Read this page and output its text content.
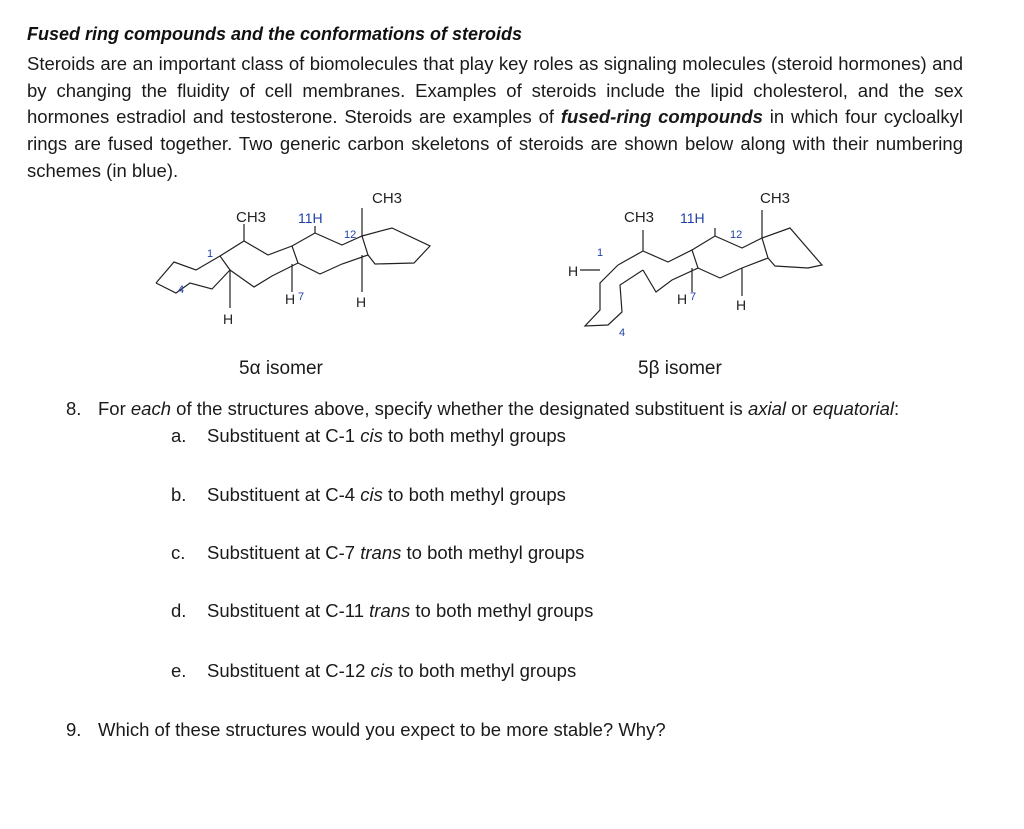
Fused ring compounds and the conformations of steroids
Steroids are an important class of biomolecules that play key roles as signaling molecules (steroid hormones) and by changing the fluidity of cell membranes. Examples of steroids include the lipid cholesterol, and the sex hormones estradiol and testosterone. Steroids are examples of fused-ring compounds in which four cycloalkyl rings are fused together. Two generic carbon skeletons of steroids are shown below along with their numbering schemes (in blue).
CH3 11H
CH3
12
1
4
H 7	H
H
CH3 11H
CH3
12
1
H
4
H 7	H
5α isomer	5β isomer
8. For each of the structures above, specify whether the designated substituent is axial or equatorial:
a. Substituent at C-1 cis to both methyl groups
b. Substituent at C-4 cis to both methyl groups
c. Substituent at C-7 trans to both methyl groups
d. Substituent at C-11 trans to both methyl groups
e. Substituent at C-12 cis to both methyl groups
9. Which of these structures would you expect to be more stable? Why?
